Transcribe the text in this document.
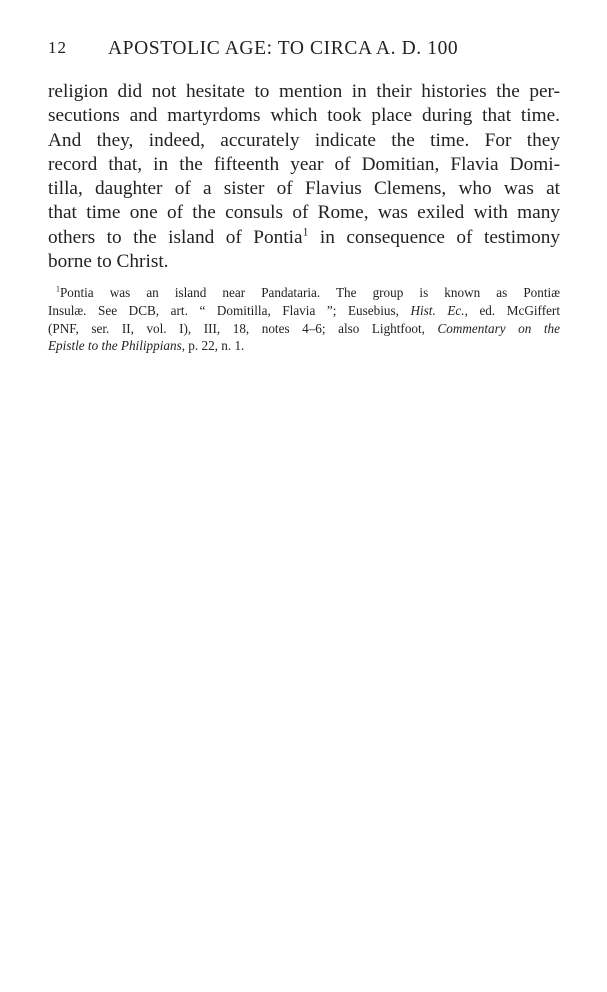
12 APOSTOLIC AGE: TO CIRCA A. D. 100
religion did not hesitate to mention in their histories the per-
secutions and martyrdoms which took place during that time.
And they, indeed, accurately indicate the time. For they
record that, in the fifteenth year of Domitian, Flavia Domi-
tilla, daughter of a sister of Flavius Clemens, who was at
that time one of the consuls of Rome, was exiled with many
others to the island of Pontia$^1$ in consequence of testimony
borne to Christ.
$^1$Pontia was an island near Pandataria. The group is known as Pontiæ
Insulæ. See DCB, art. “ Domitilla, Flavia ”; Eusebius, Hist. Ec., ed. McGiffert
(PNF, ser. II, vol. I), III, 18, notes 4–6; also Lightfoot, Commentary on the
Epistle to the Philippians, p. 22, n. 1.
